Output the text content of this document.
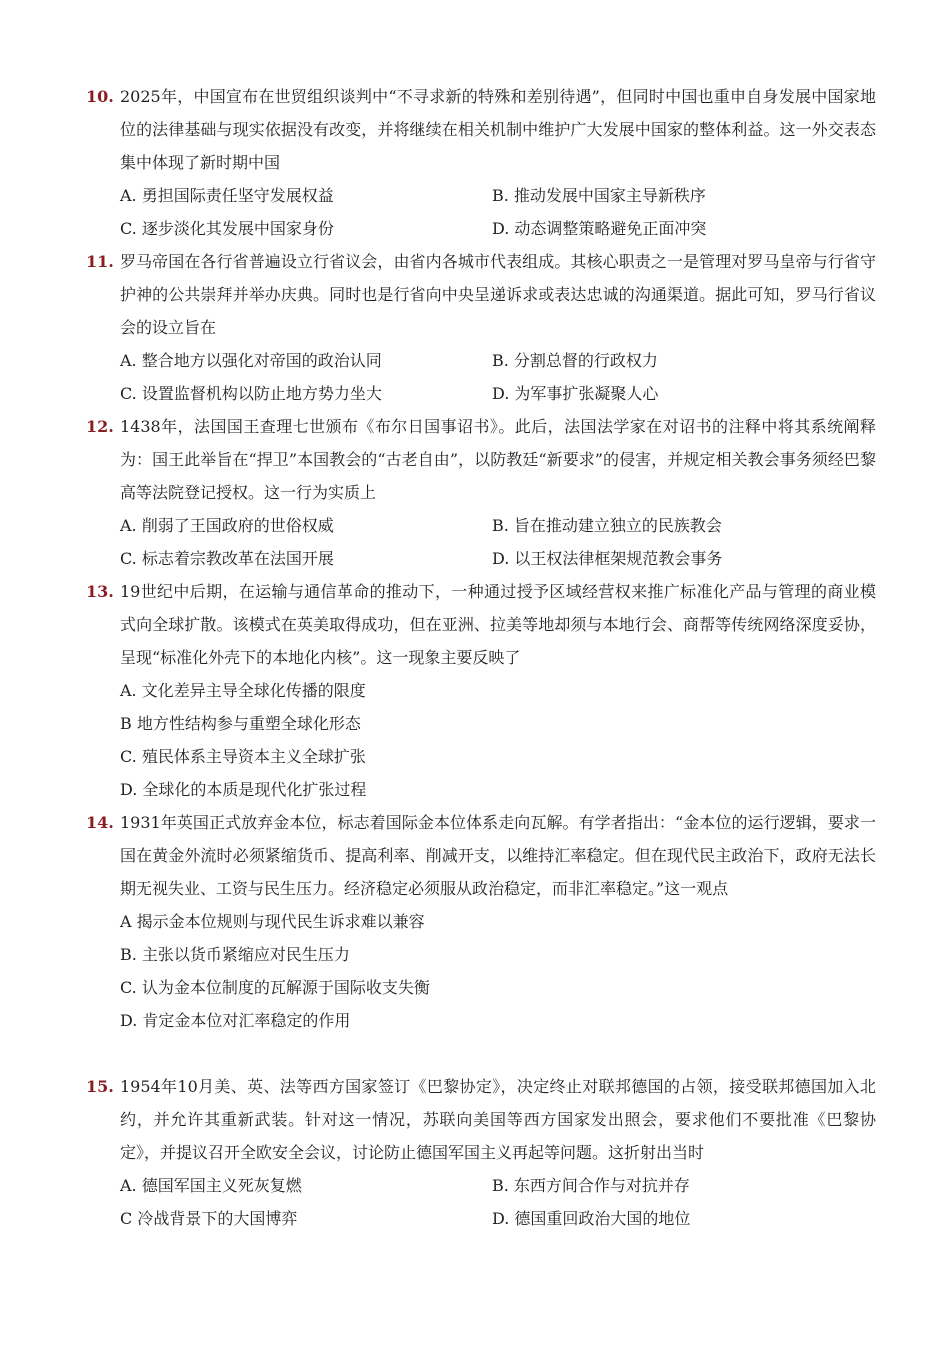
10. 2025年，中国宣布在世贸组织谈判中“不寻求新的特殊和差别待遇”，但同时中国也重申自身发展中国家地位的法律基础与现实依据没有改变，并将继续在相关机制中维护广大发展中国家的整体利益。这一外交表态集中体现了新时期中国
A. 勇担国际责任坚守发展权益	B. 推动发展中国家主导新秩序
C. 逐步淡化其发展中国家身份	D. 动态调整策略避免正面冲突
11. 罗马帝国在各行省普遍设立行省议会，由省内各城市代表组成。其核心职责之一是管理对罗马皇帝与行省守护神的公共崇拜并举办庆典。同时也是行省向中央呈递诉求或表达忠诚的沟通渠道。据此可知，罗马行省议会的设立旨在
A. 整合地方以强化对帝国的政治认同	B. 分割总督的行政权力
C. 设置监督机构以防止地方势力坐大	D. 为军事扩张凝聚人心
12. 1438年，法国国王查理七世颁布《布尔日国事诏书》。此后，法国法学家在对诏书的注释中将其系统阐释为：国王此举旨在“捍卫”本国教会的“古老自由”，以防教廷“新要求”的侵害，并规定相关教会事务须经巴黎高等法院登记授权。这一行为实质上
A. 削弱了王国政府的世俗权威	B. 旨在推动建立独立的民族教会
C. 标志着宗教改革在法国开展	D. 以王权法律框架规范教会事务
13. 19世纪中后期，在运输与通信革命的推动下，一种通过授予区域经营权来推广标准化产品与管理的商业模式向全球扩散。该模式在英美取得成功，但在亚洲、拉美等地却须与本地行会、商帮等传统网络深度妥协，呈现“标准化外壳下的本地化内核”。这一现象主要反映了
A. 文化差异主导全球化传播的限度
B 地方性结构参与重塑全球化形态
C. 殖民体系主导资本主义全球扩张
D. 全球化的本质是现代化扩张过程
14. 1931年英国正式放弃金本位，标志着国际金本位体系走向瓦解。有学者指出：“金本位的运行逻辑，要求一国在黄金外流时必须紧缩货币、提高利率、削减开支，以维持汇率稳定。但在现代民主政治下，政府无法长期无视失业、工资与民生压力。经济稳定必须服从政治稳定，而非汇率稳定。”这一观点
A 揭示金本位规则与现代民生诉求难以兼容
B. 主张以货币紧缩应对民生压力
C. 认为金本位制度的瓦解源于国际收支失衡
D. 肯定金本位对汇率稳定的作用
15. 1954年10月美、英、法等西方国家签订《巴黎协定》，决定终止对联邦德国的占领，接受联邦德国加入北约，并允许其重新武装。针对这一情况，苏联向美国等西方国家发出照会，要求他们不要批准《巴黎协定》，并提议召开全欧安全会议，讨论防止德国军国主义再起等问题。这折射出当时
A. 德国军国主义死灰复燃	B. 东西方间合作与对抗并存
C 冷战背景下的大国博弈	D. 德国重回政治大国的地位
